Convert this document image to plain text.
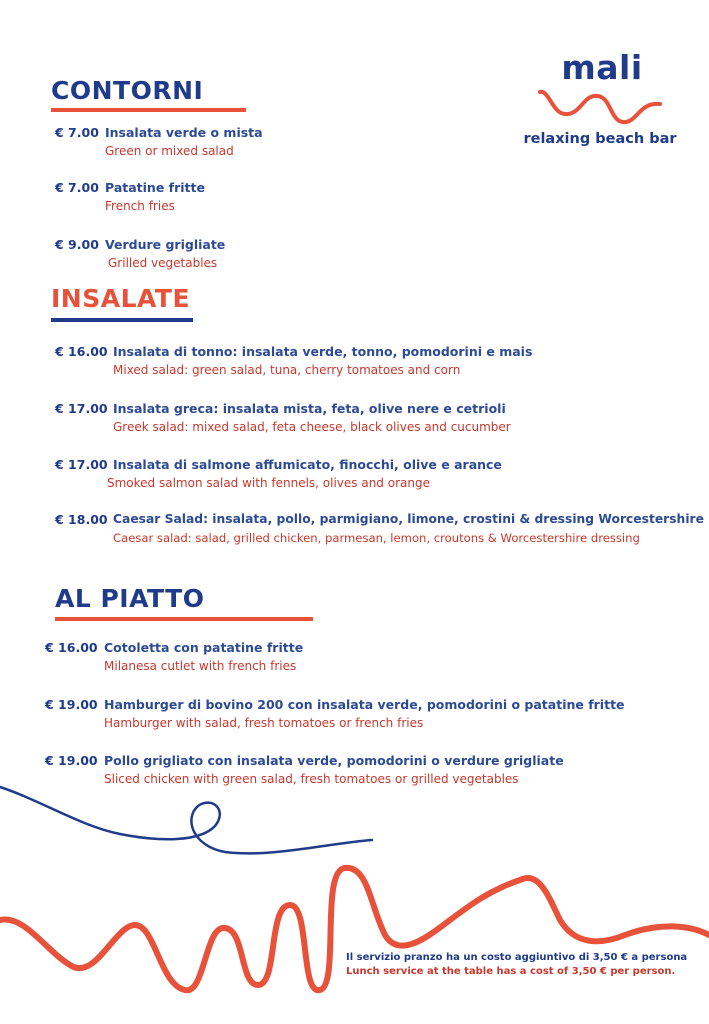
mali
relaxing beach bar
CONTORNI
€ 7.00 Insalata verde o mista
Green or mixed salad
€ 7.00 Patatine fritte
French fries
€ 9.00 Verdure grigliate
Grilled vegetables
INSALATE
€ 16.00 Insalata di tonno: insalata verde, tonno, pomodorini e mais
Mixed salad: green salad, tuna, cherry tomatoes and corn
€ 17.00 Insalata greca: insalata mista, feta, olive nere e cetrioli
Greek salad: mixed salad, feta cheese, black olives and cucumber
€ 17.00 Insalata di salmone affumicato, finocchi, olive e arance
Smoked salmon salad with fennels, olives and orange
€ 18.00 Caesar Salad: insalata, pollo, parmigiano, limone, crostini & dressing Worcestershire
Caesar salad: salad, grilled chicken, parmesan, lemon, croutons & Worcestershire dressing
AL PIATTO
€ 16.00 Cotoletta con patatine fritte
Milanesa cutlet with french fries
€ 19.00 Hamburger di bovino 200 con insalata verde, pomodorini o patatine fritte
Hamburger with salad, fresh tomatoes or french fries
€ 19.00 Pollo grigliato con insalata verde, pomodorini o verdure grigliate
Sliced chicken with green salad, fresh tomatoes or grilled vegetables
Il servizio pranzo ha un costo aggiuntivo di 3,50 € a persona
Lunch service at the table has a cost of 3,50 € per person.
